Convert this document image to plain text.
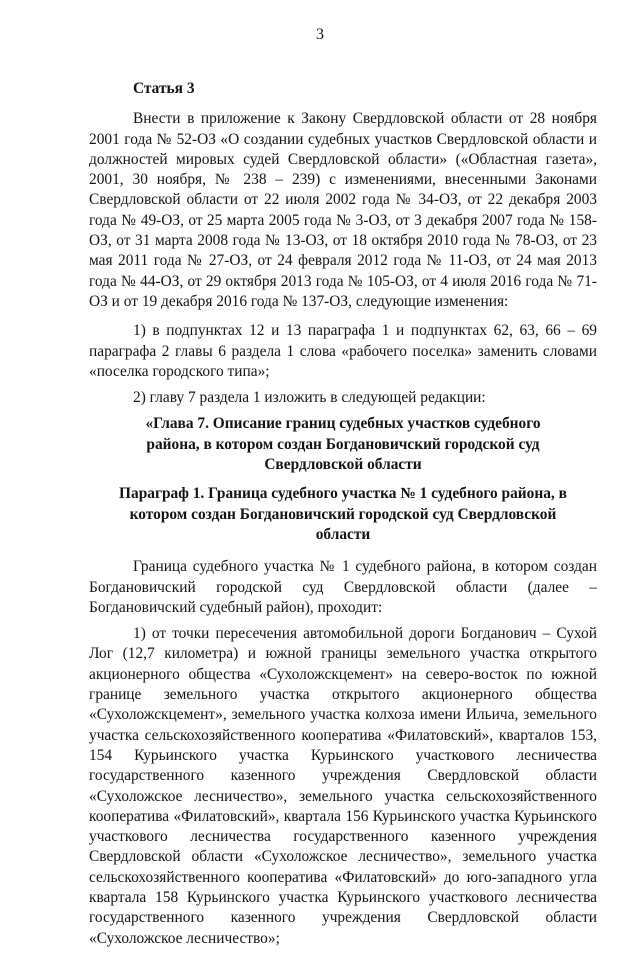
3
Статья 3

Внести в приложение к Закону Свердловской области от 28 ноября 2001 года № 52-ОЗ «О создании судебных участков Свердловской области и должностей мировых судей Свердловской области» («Областная газета», 2001, 30 ноября, № 238 – 239) с изменениями, внесенными Законами Свердловской области от 22 июля 2002 года № 34-ОЗ, от 22 декабря 2003 года № 49-ОЗ, от 25 марта 2005 года № 3-ОЗ, от 3 декабря 2007 года № 158-ОЗ, от 31 марта 2008 года № 13-ОЗ, от 18 октября 2010 года № 78-ОЗ, от 23 мая 2011 года № 27-ОЗ, от 24 февраля 2012 года № 11-ОЗ, от 24 мая 2013 года № 44-ОЗ, от 29 октября 2013 года № 105-ОЗ, от 4 июля 2016 года № 71-ОЗ и от 19 декабря 2016 года № 137-ОЗ, следующие изменения:

1) в подпунктах 12 и 13 параграфа 1 и подпунктах 62, 63, 66 – 69 параграфа 2 главы 6 раздела 1 слова «рабочего поселка» заменить словами «поселка городского типа»;

2) главу 7 раздела 1 изложить в следующей редакции:

«Глава 7. Описание границ судебных участков судебного района, в котором создан Богдановичский городской суд Свердловской области
Параграф 1. Граница судебного участка № 1 судебного района, в котором создан Богдановичский городской суд Свердловской области

Граница судебного участка № 1 судебного района, в котором создан Богдановичский городской суд Свердловской области (далее – Богдановичский судебный район), проходит:

1) от точки пересечения автомобильной дороги Богданович – Сухой Лог (12,7 километра) и южной границы земельного участка открытого акционерного общества «Сухоложскцемент» на северо-восток по южной границе земельного участка открытого акционерного общества «Сухоложскцемент», земельного участка колхоза имени Ильича, земельного участка сельскохозяйственного кооператива «Филатовский», кварталов 153, 154 Курьинского участка Курьинского участкового лесничества государственного казенного учреждения Свердловской области «Сухоложское лесничество», земельного участка сельскохозяйственного кооператива «Филатовский», квартала 156 Курьинского участка Курьинского участкового лесничества государственного казенного учреждения Свердловской области «Сухоложское лесничество», земельного участка сельскохозяйственного кооператива «Филатовский» до юго-западного угла квартала 158 Курьинского участка Курьинского участкового лесничества государственного казенного учреждения Свердловской области «Сухоложское лесничество»;
